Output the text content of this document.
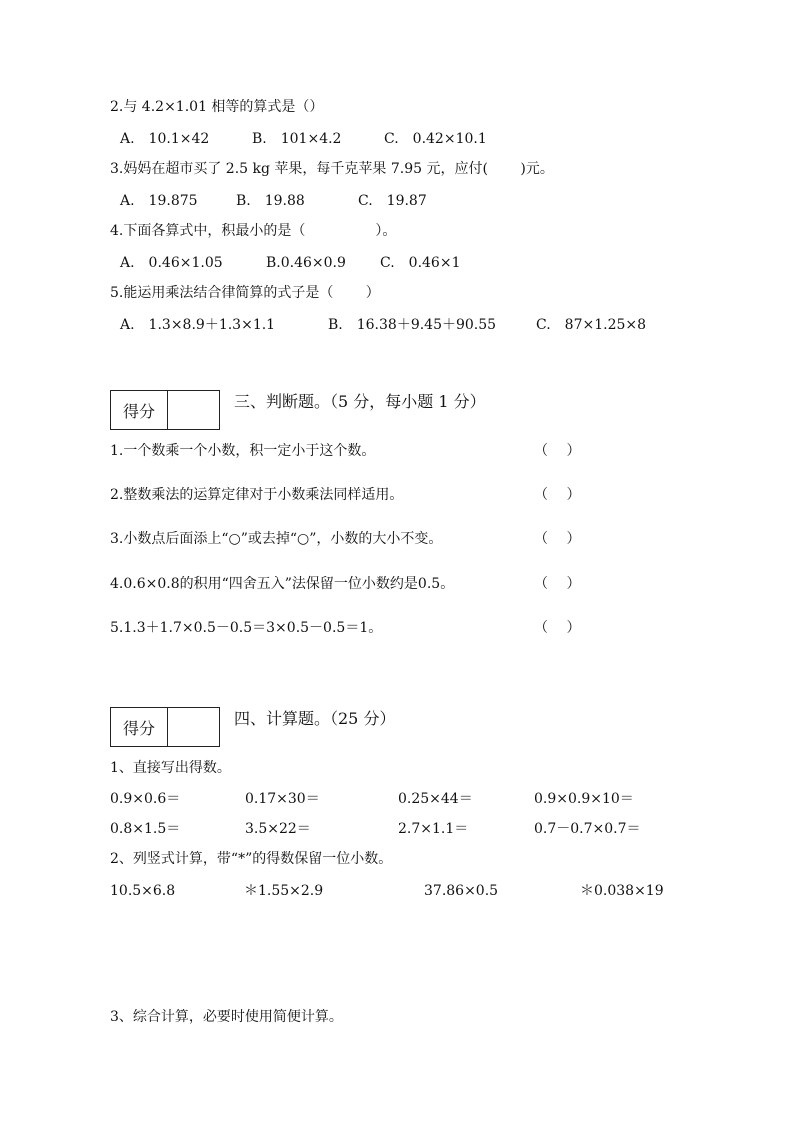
2.与 4.2×1.01 相等的算式是（）
A.　10.1×42	B.　101×4.2	C.　0.42×10.1
3.妈妈在超市买了 2.5 kg 苹果，每千克苹果 7.95 元，应付(　　 )元。
A.　19.875	B.　19.88	C.　19.87
4.下面各算式中，积最小的是（　　　　　）。
A.　0.46×1.05	B.0.46×0.9 C.　0.46×1
5.能运用乘法结合律简算的式子是（　　 ）
A.　1.3×8.9＋1.3×1.1	B.　16.38＋9.45＋90.55	C.　87×1.25×8
得分	三、判断题。（5 分，每小题 1 分）
1.一个数乘一个小数，积一定小于这个数。	（　 ）
2.整数乘法的运算定律对于小数乘法同样适用。	（　 ）
3.小数点后面添上“○”或去掉“○”，小数的大小不变。	（　 ）
4.0.6×0.8的积用“四舍五入”法保留一位小数约是0.5。	（　 ）
5.1.3＋1.7×0.5－0.5＝3×0.5－0.5＝1。	（　 ）
得分	四、计算题。（25 分）
1、直接写出得数。
0.9×0.6＝	0.17×30＝	0.25×44＝	0.9×0.9×10＝
0.8×1.5＝	3.5×22＝	2.7×1.1＝	0.7－0.7×0.7＝
2、列竖式计算，带“*”的得数保留一位小数。
10.5×6.8	＊1.55×2.9	37.86×0.5	＊0.038×19
3、综合计算，必要时使用简便计算。
